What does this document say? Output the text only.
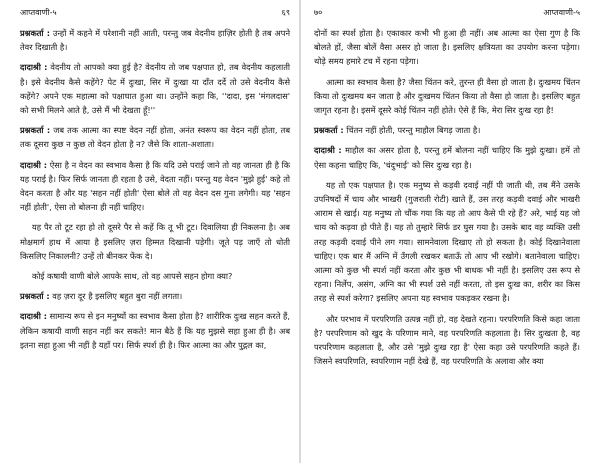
आप्तवाणी-५	६९

प्रश्नकर्ता : उन्हों में कहने में परेशानी नहीं आती, परन्तु जब वेदनीय हाज़िर होती है तब अपने तेवर दिखाती है।

दादाश्री : वेदनीय तो आपको क्या हुई है? वेदनीय तो जब पक्षपात हो, तब वेदनीय कहलाती है। इसे वेदनीय कैसे कहेंगे? पेट में दुःखा, सिर में दुःखा या दाँत दर्दे तो उसे वेदनीय कैसे कहेंगे? अपने एक महात्मा को पक्षाघात हुआ था। उन्होंने कहा कि, ''दादा, इस 'मंगलदास' को सभी मिलने आते है, उसे मैं भी देखता हूँ!''

प्रश्नकर्ता : जब तक आत्मा का स्पष्ट वेदन नहीं होता, अनंत स्वरूप का वेदन नहीं होता, तब तक दूसरा कुछ न कुछ तो वेदन होता है न? जैसे कि शाता-अशाता।

दादाश्री : ऐसा है न वेदन का स्वभाव कैसा है कि यदि उसे पराई जाने तो वह जानता ही है कि यह पराई है। फिर सिर्फ जानता ही रहता है उसे, वेदता नहीं। परन्तु यह वेदन 'मुझे हुई' कहे तो वेदन करता है और यह 'सहन नहीं होती' ऐसा बोले तो वह वेदन दस गुना लगेगी। यह 'सहन नहीं होती', ऐसा तो बोलना ही नहीं चाहिए।

यह पैर तो टूट रहा हो तो दूसरे पैर से कहें कि तू भी टूट। दिवालिया ही निकलना है। अब मोक्षमार्ग हाथ में आया है इसलिए ज़रा हिम्मत दिखानी पड़ेगी। जूते पड़ जाएँ तो धोती किसलिए निकालनी? उन्हें तो बीनकर फेंक दे।

कोई कषायी वाणी बोले आपके साथ, तो वह आपसे सहन होगा क्या?

प्रश्नकर्ता : वह ज़रा दूर है इसलिए बहुत बुरा नहीं लगता।

दादाश्री : सामान्य रूप से इन मनुष्यों का स्वभाव कैसा होता है? शारीरिक दुःख सहन करते हैं, लेकिन कषायी वाणी सहन नहीं कर सकते! मान बैठे हैं कि यह मुझसे सहा हुआ ही है। अब इतना सहा हुआ भी नहीं है यहाँ पर। सिर्फ स्पर्श ही है। फिर आत्मा का और पुद्गल का,

७०	आप्तवाणी-५

दोनों का स्पर्श होता है। एकाकार कभी भी हुआ ही नहीं। अब आत्मा का ऐसा गुण है कि बोलते हों, जैसा बोलें वैसा असर हो जाता है। इसलिए क्षत्रियता का उपयोग करना पड़ेगा। थोड़े समय हमारे टच में रहना पड़ेगा।

आत्मा का स्वभाव कैसा है? जैसा चिंतन करे, तुरन्त ही वैसा हो जाता है। दुःखमय चिंतन किया तो दुःखमय बन जाता है और दुःखमय चिंतन किया तो वैसा हो जाता है। इसलिए बहुत जागृत रहना है। इसमें दूसरे कोई चिंतन नहीं होते। ऐसे हैं कि, मेरा सिर दुःख रहा है!

प्रश्नकर्ता : चिंतन नहीं होती, परन्तु माहौल बिगड़ जाता है।

दादाश्री : माहौल का असर होता है, परन्तु हमें बोलना नहीं चाहिए कि मुझे दुःखा। हमें तो ऐसा कहना चाहिए कि, 'चंदुभाई' को सिर दुःख रहा है।

यह तो एक पक्षपात है। एक मनुष्य से कड़वी दवाई नहीं पी जाती थी, तब मैंने उसके उपनिषदों में चाय और भाखरी (गुजराती रोटी) खाते हैं, उस तरह कड़वी दवाई और भाखरी आराम से खाई। यह मनुष्य तो चौंक गया कि यह तो आप कैसे पी रहे हैं? अरे, भाई यह जो चाय को कड़वा हो पीते हैं। यह तो तुम्हारे सिर्फ डर घुस गया है। उसके बाद वह व्यक्ति उसी तरह कड़वी दवाई पीने लग गया। सामनेवाला दिखाए तो हो सकता है। कोई दिखानेवाला चाहिए। एक बार मैं अग्नि में उँगली रखकर बताऊँ तो आप भी रखोगे। बतानेवाला चाहिए। आत्मा को कुछ भी स्पर्श नहीं करता और कुछ भी बाधक भी नहीं है। इसलिए उस रूप से रहना। निर्लेप, असंग, अग्नि का भी स्पर्श उसे नहीं करता, तो इस दुःख का, शरीर का किस तरह से स्पर्श करेगा? इसलिए अपना यह स्वभाव पकड़कर रखना है।

और परभाव में परपरिणति उत्पन्न नहीं हो, वह देखते रहना। परपरिणति किसे कहा जाता है? परपरिणाम को खुद के परिणाम माने, वह परपरिणति कहलाता है। सिर दुःखता है, वह परपरिणाम कहलाता है, और उसे 'मुझे दुःख रहा है' ऐसा कहा उसे परपरिणति कहते हैं। जिसने स्वपरिणति, स्वपरिणाम नहीं देखे हैं, वह परपरिणति के अलावा और क्या
